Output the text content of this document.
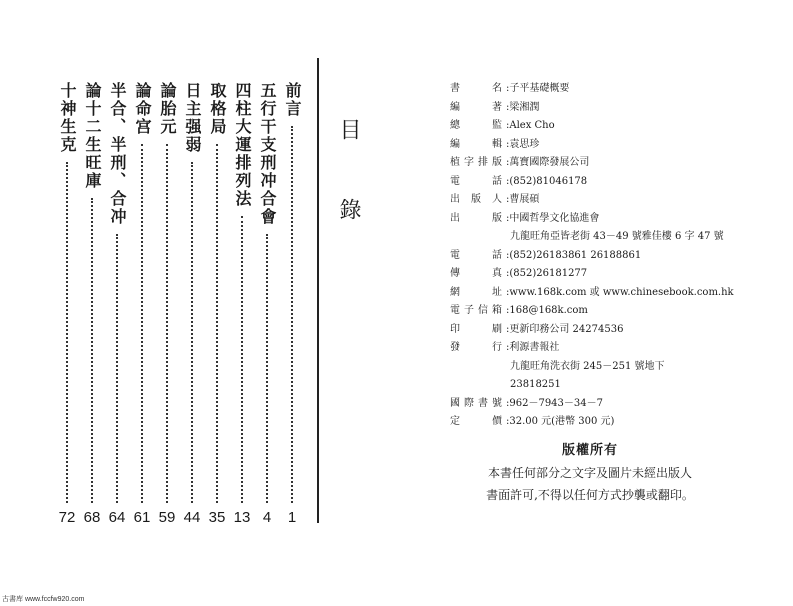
前言
1
五行干支刑冲合會
4
四柱大運排列法
13
取格局
35
日主强弱
44
論胎元
59
論命宫
61
半合、半刑、合冲
64
論十二生旺庫
68
十神生克
72
目錄
書名 :子平基礎概要
編著 :梁湘潤
總監 :Alex Cho
編輯 :袁思珍
植字排版 :萬寶國際發展公司
電話 :(852)81046178
出版人 :曹展碩
出版 :中國哲學文化協進會
九龍旺角亞皆老街 43－49 號雅佳樓 6 字 47 號
電話 :(852)26183861 26188861
傳真 :(852)26181277
網址 :www.168k.com 或 www.chinesebook.com.hk
電子信箱 :168@168k.com
印刷 :更新印務公司 24274536
發行 :利源書報社
九龍旺角洗衣街 245－251 號地下
23818251
國際書號 :962－7943－34－7
定價 :32.00 元(港幣 300 元)
版權所有
本書任何部分之文字及圖片未經出版人
書面許可,不得以任何方式抄襲或翻印。
古書库 www.fccfw920.com
